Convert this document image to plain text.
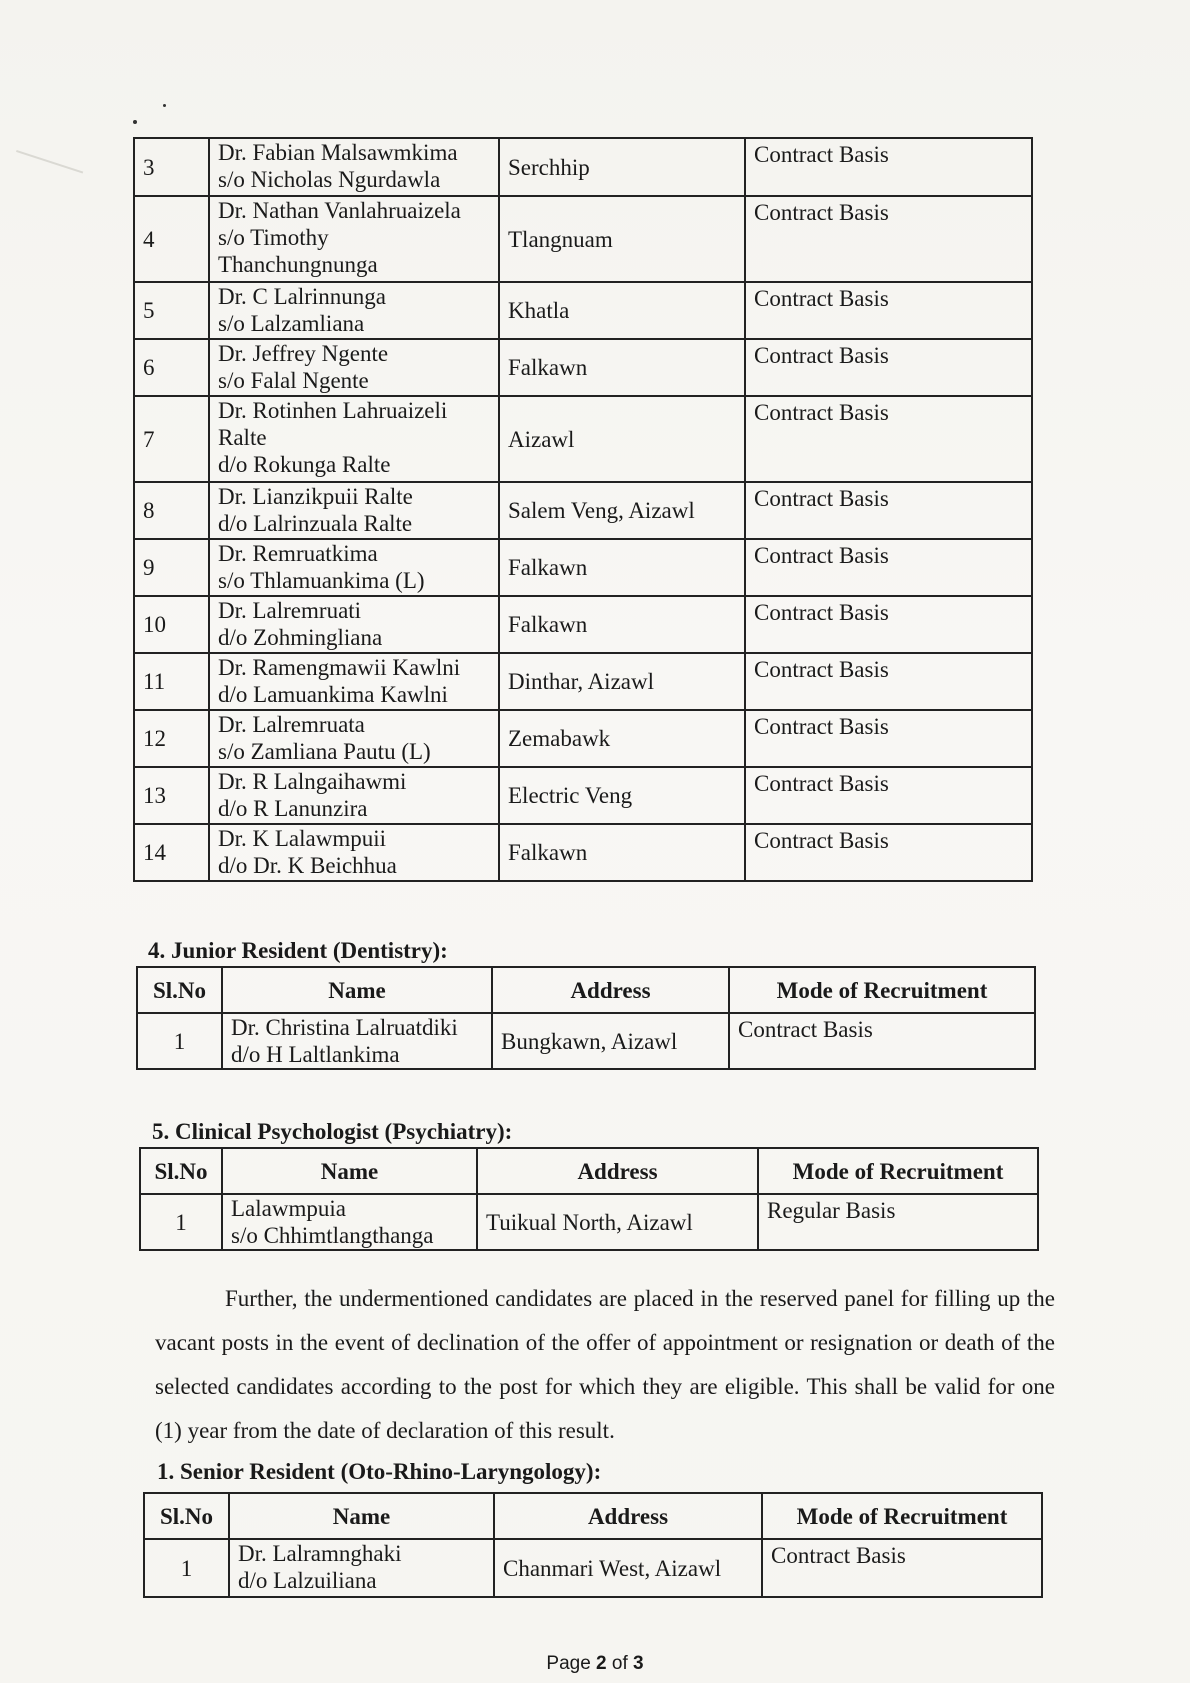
3	Dr. Fabian Malsawmkima
s/o Nicholas Ngurdawla	Serchhip	Contract Basis
4	Dr. Nathan Vanlahruaizela
s/o Timothy
Thanchungnunga	Tlangnuam	Contract Basis
5	Dr. C Lalrinnunga
s/o Lalzamliana	Khatla	Contract Basis
6	Dr. Jeffrey Ngente
s/o Falal Ngente	Falkawn	Contract Basis
7	Dr. Rotinhen Lahruaizeli
Ralte
d/o Rokunga Ralte	Aizawl	Contract Basis
8	Dr. Lianzikpuii Ralte
d/o Lalrinzuala Ralte	Salem Veng, Aizawl	Contract Basis
9	Dr. Remruatkima
s/o Thlamuankima (L)	Falkawn	Contract Basis
10	Dr. Lalremruati
d/o Zohmingliana	Falkawn	Contract Basis
11	Dr. Ramengmawii Kawlni
d/o Lamuankima Kawlni	Dinthar, Aizawl	Contract Basis
12	Dr. Lalremruata
s/o Zamliana Pautu (L)	Zemabawk	Contract Basis
13	Dr. R Lalngaihawmi
d/o R Lanunzira	Electric Veng	Contract Basis
14	Dr. K Lalawmpuii
d/o Dr. K Beichhua	Falkawn	Contract Basis
4. Junior Resident (Dentistry):
Sl.No	Name	Address	Mode of Recruitment
1	Dr. Christina Lalruatdiki
d/o H Laltlankima	Bungkawn, Aizawl	Contract Basis
5. Clinical Psychologist (Psychiatry):
Sl.No	Name	Address	Mode of Recruitment
1	Lalawmpuia
s/o Chhimtlangthanga	Tuikual North, Aizawl	Regular Basis
Further, the undermentioned candidates are placed in the reserved panel for filling up the vacant posts in the event of declination of the offer of appointment or resignation or death of the selected candidates according to the post for which they are eligible. This shall be valid for one (1) year from the date of declaration of this result.
1. Senior Resident (Oto-Rhino-Laryngology):
Sl.No	Name	Address	Mode of Recruitment
1	Dr. Lalramnghaki
d/o Lalzuiliana	Chanmari West, Aizawl	Contract Basis
Page 2 of 3
